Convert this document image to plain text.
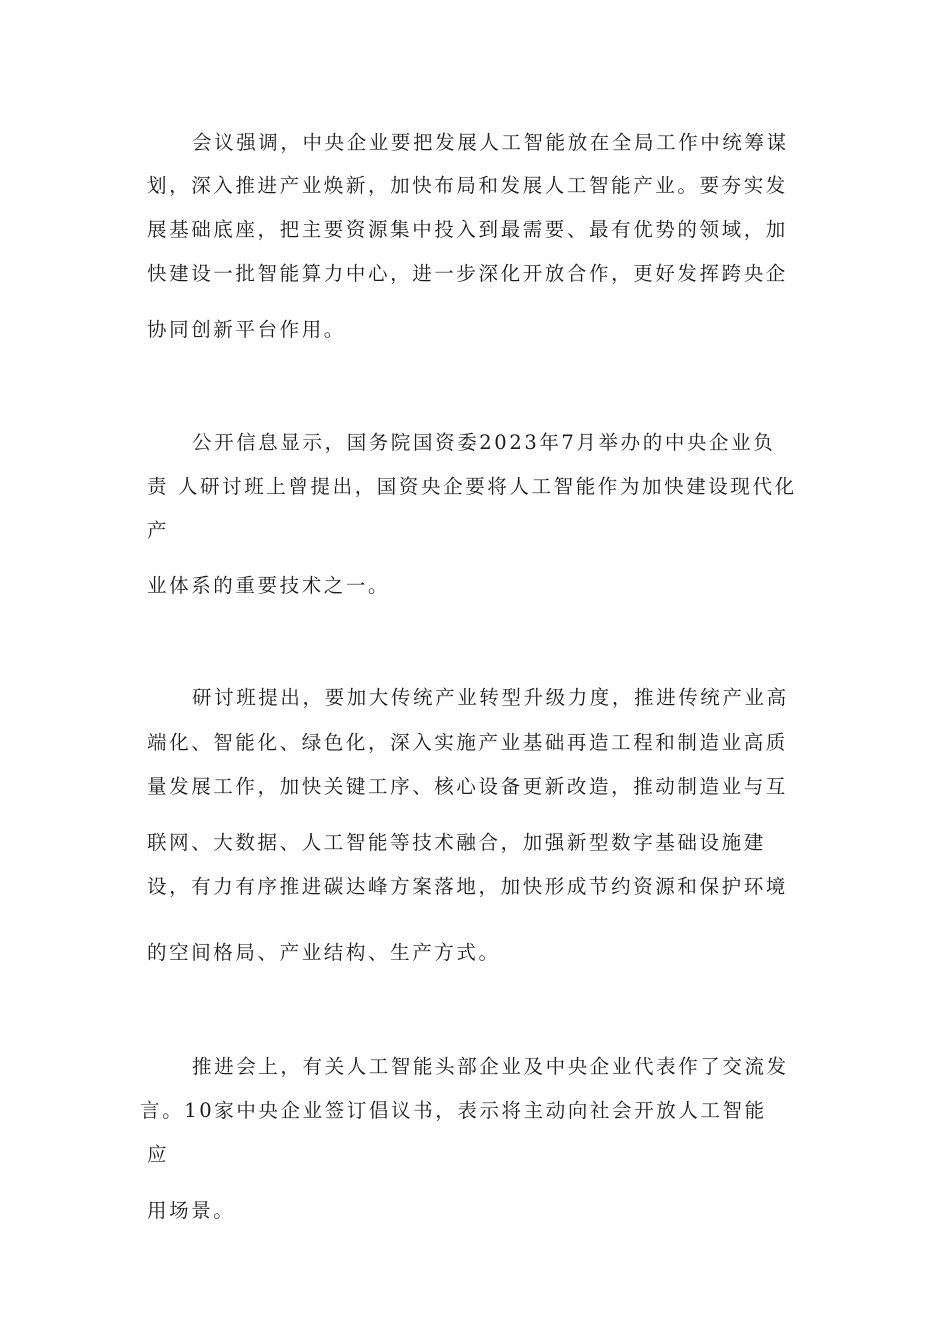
会议强调，中央企业要把发展人工智能放在全局工作中统筹谋
划，深入推进产业焕新，加快布局和发展人工智能产业。要夯实发
展基础底座，把主要资源集中投入到最需要、最有优势的领域，加
快建设一批智能算力中心，进一步深化开放合作，更好发挥跨央企
协同创新平台作用。
公开信息显示，国务院国资委2023年7月举办的中央企业负
责 人研讨班上曾提出，国资央企要将人工智能作为加快建设现代化
产
业体系的重要技术之一。
研讨班提出，要加大传统产业转型升级力度，推进传统产业高
端化、智能化、绿色化，深入实施产业基础再造工程和制造业高质
量发展工作，加快关键工序、核心设备更新改造，推动制造业与互
联网、大数据、人工智能等技术融合，加强新型数字基础设施建
设，有力有序推进碳达峰方案落地，加快形成节约资源和保护环境
的空间格局、产业结构、生产方式。
推进会上，有关人工智能头部企业及中央企业代表作了交流发
言。10家中央企业签订倡议书，表示将主动向社会开放人工智能
应
用场景。
